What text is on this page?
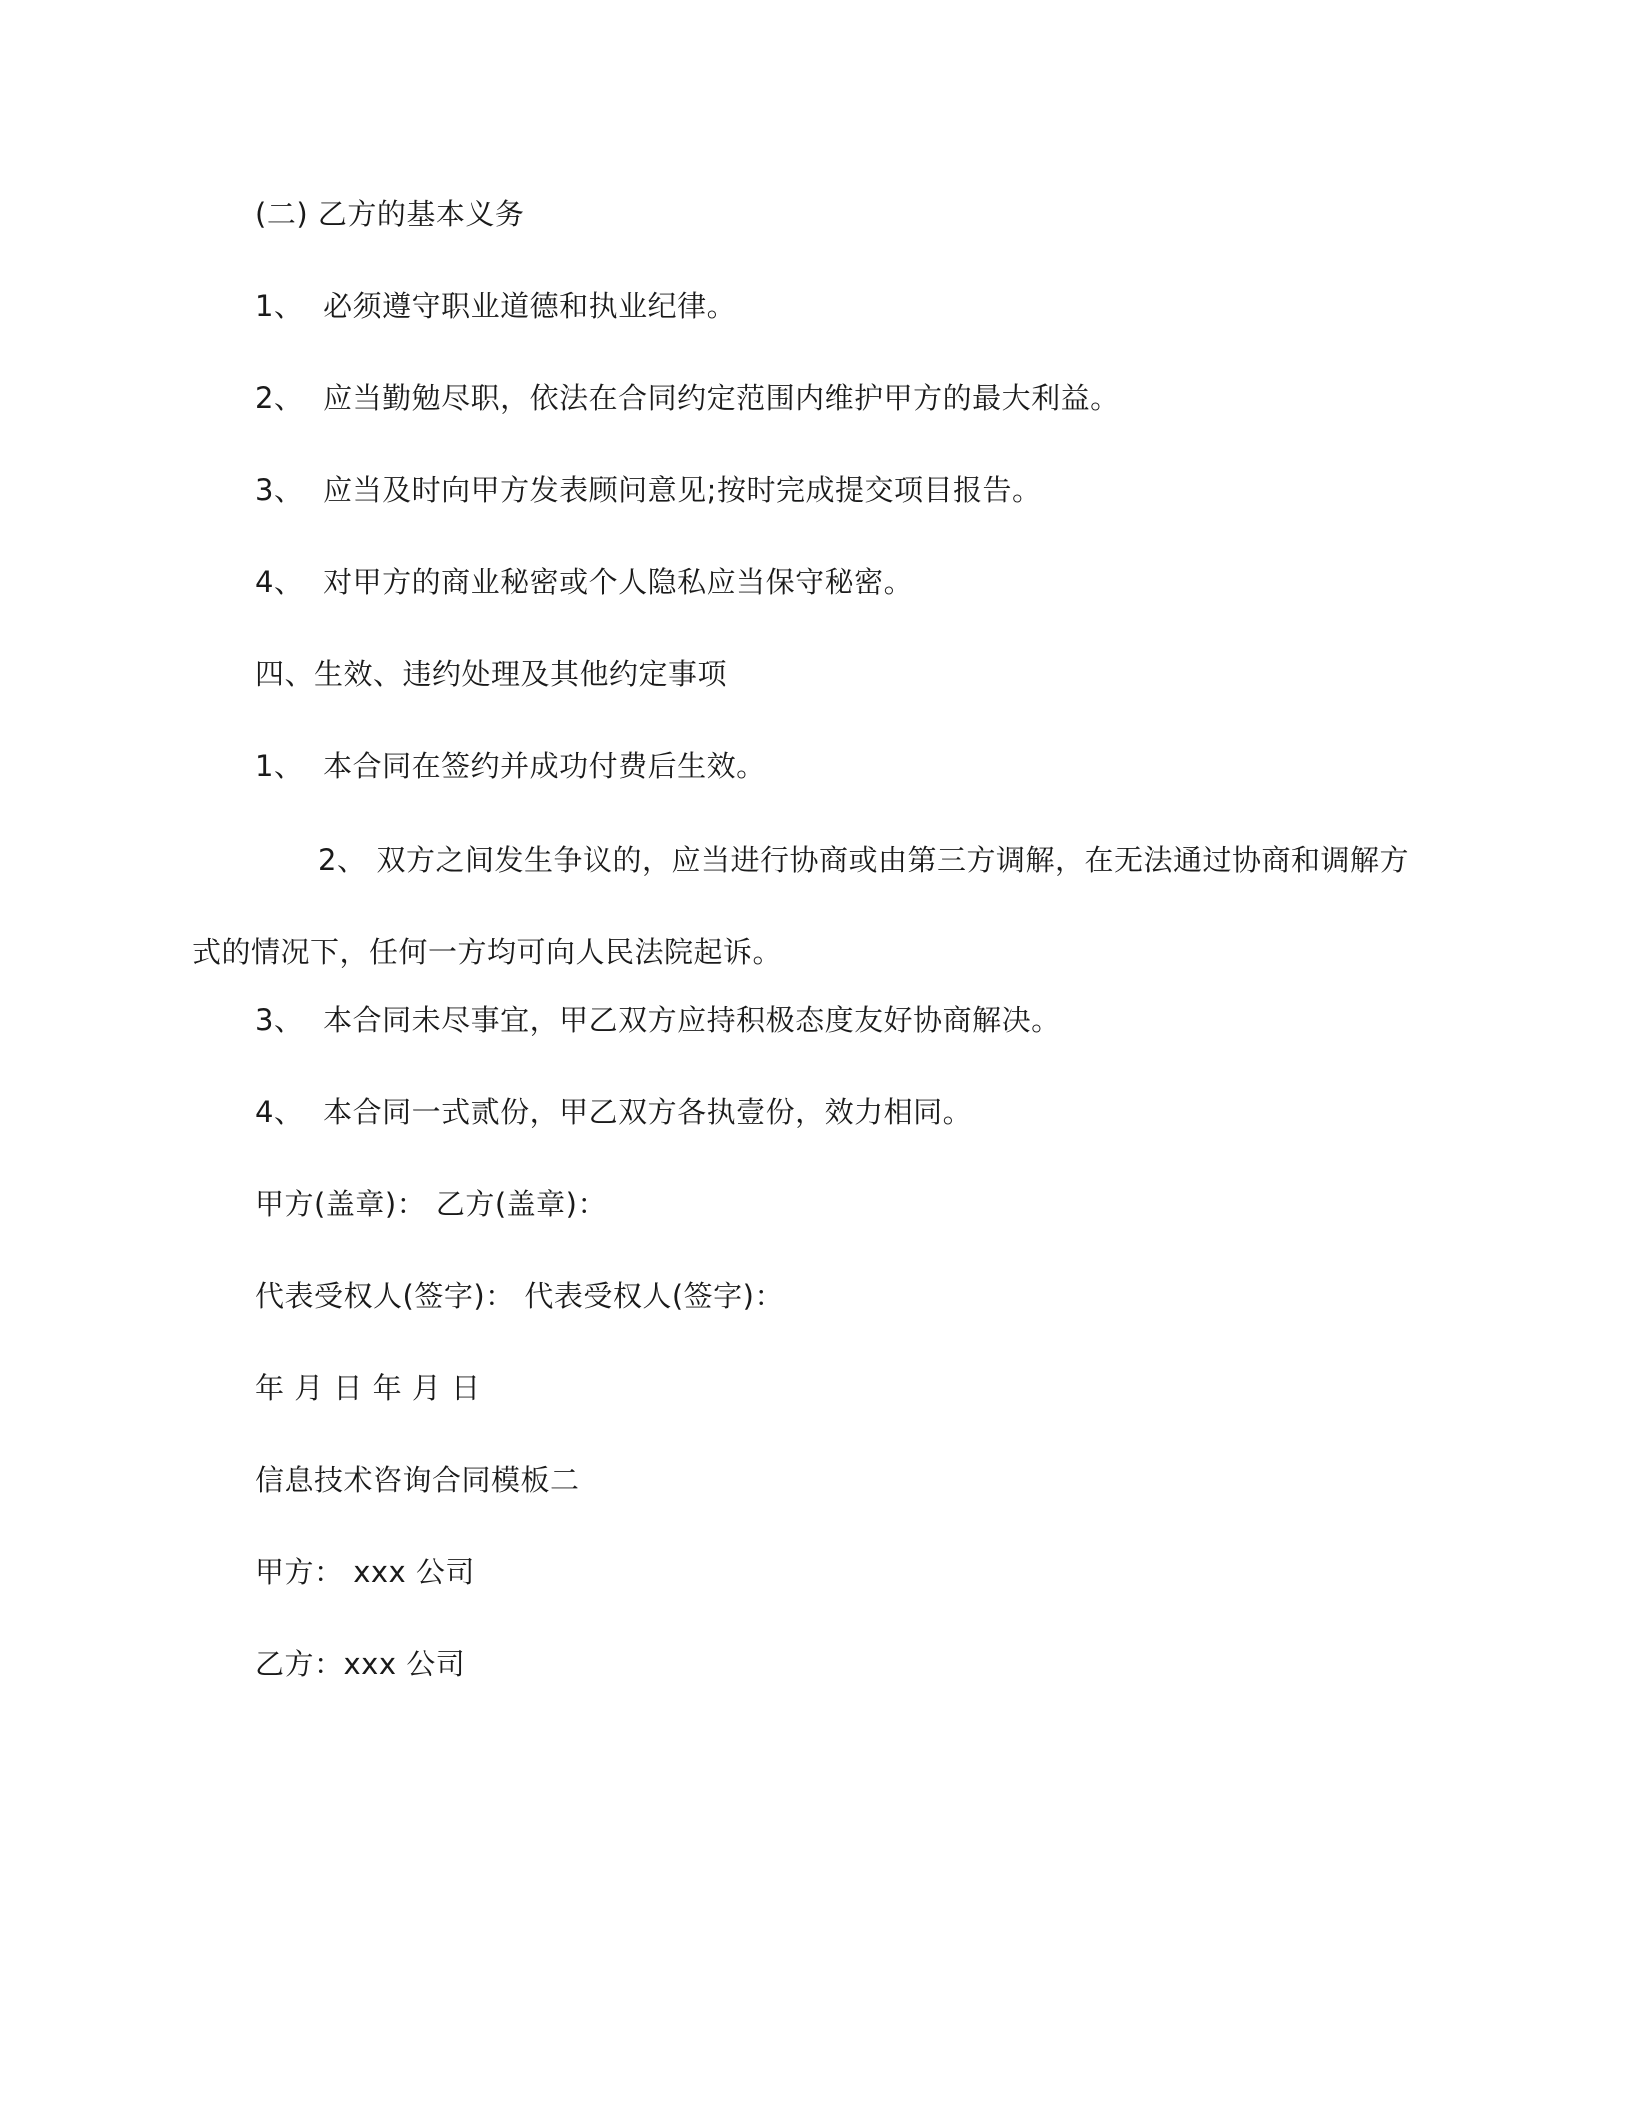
(二) 乙方的基本义务
1、 必须遵守职业道德和执业纪律。
2、 应当勤勉尽职，依法在合同约定范围内维护甲方的最大利益。
3、 应当及时向甲方发表顾问意见;按时完成提交项目报告。
4、 对甲方的商业秘密或个人隐私应当保守秘密。
四、生效、违约处理及其他约定事项
1、 本合同在签约并成功付费后生效。
2、 双方之间发生争议的，应当进行协商或由第三方调解，在无法通过协商和调解方
式的情况下，任何一方均可向人民法院起诉。
3、 本合同未尽事宜，甲乙双方应持积极态度友好协商解决。
4、 本合同一式贰份，甲乙双方各执壹份，效力相同。
甲方(盖章)： 乙方(盖章)：
代表受权人(签字)： 代表受权人(签字)：
年 月 日 年 月 日
信息技术咨询合同模板二
甲方： xxx 公司
乙方：xxx 公司
